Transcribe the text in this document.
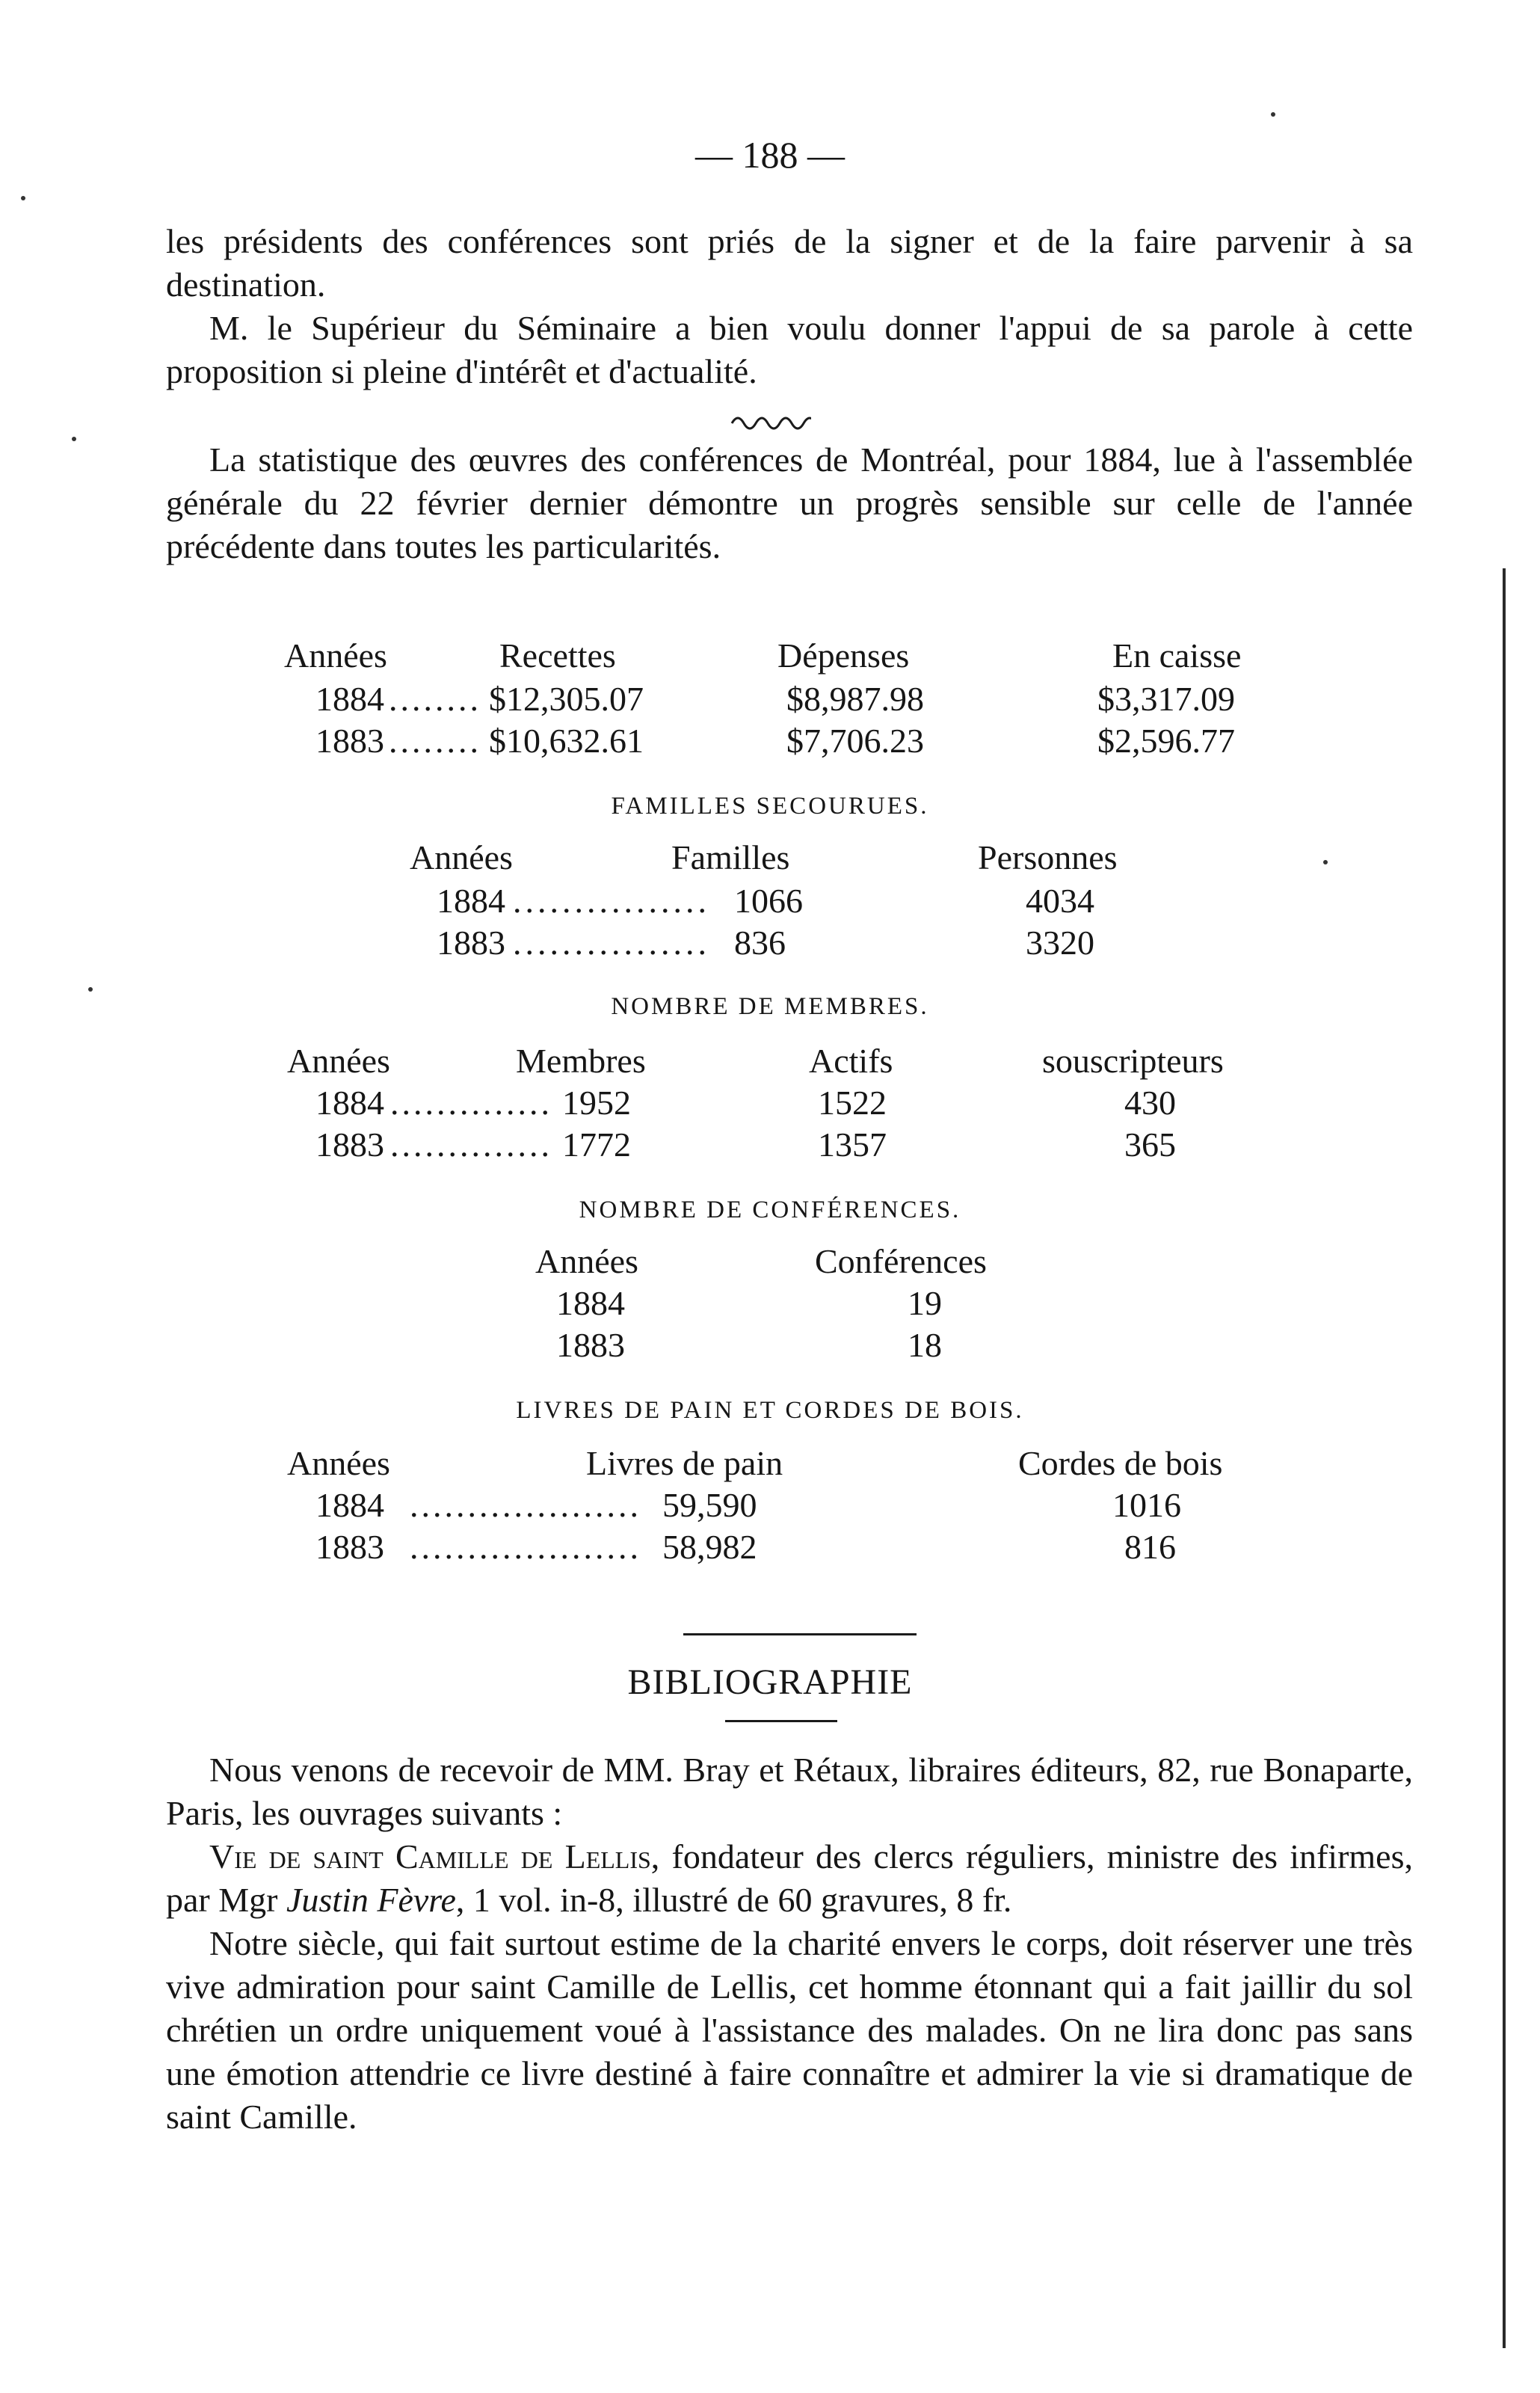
— 188 —

les présidents des conférences sont priés de la signer et de la faire parvenir à sa destination.

M. le Supérieur du Séminaire a bien voulu donner l'appui de sa parole à cette proposition si pleine d'intérêt et d'actualité.

La statistique des œuvres des conférences de Montréal, pour 1884, lue à l'assemblée générale du 22 février dernier démontre un progrès sensible sur celle de l'année précédente dans toutes les particularités.

Années	Recettes	Dépenses	En caisse
1884 ........ $12,305.07	$8,987.98	$3,317.09
1883 ........ $10,632.61	$7,706.23	$2,596.77
FAMILLES SECOURUES.
Années	Familles	Personnes
1884 ................ 1066	4034
1883 ................ 836	3320
NOMBRE DE MEMBRES.
Années	Membres	Actifs	souscripteurs
1884 .............. 1952	1522	430
1883 .............. 1772	1357	365
NOMBRE DE CONFÉRENCES.
Années	Conférences
1884	19
1883	18
LIVRES DE PAIN ET CORDES DE BOIS.
Années	Livres de pain	Cordes de bois
1884 .................... 59,590	1016
1883 .................... 58,982	816
BIBLIOGRAPHIE

Nous venons de recevoir de MM. Bray et Rétaux, libraires éditeurs, 82, rue Bonaparte, Paris, les ouvrages suivants :

Vie de saint Camille de Lellis, fondateur des clercs réguliers, ministre des infirmes, par Mgr Justin Fèvre, 1 vol. in-8, illustré de 60 gravures, 8 fr.

Notre siècle, qui fait surtout estime de la charité envers le corps, doit réserver une très vive admiration pour saint Camille de Lellis, cet homme étonnant qui a fait jaillir du sol chrétien un ordre uniquement voué à l'assistance des malades. On ne lira donc pas sans une émotion attendrie ce livre destiné à faire connaître et admirer la vie si dramatique de saint Camille.
